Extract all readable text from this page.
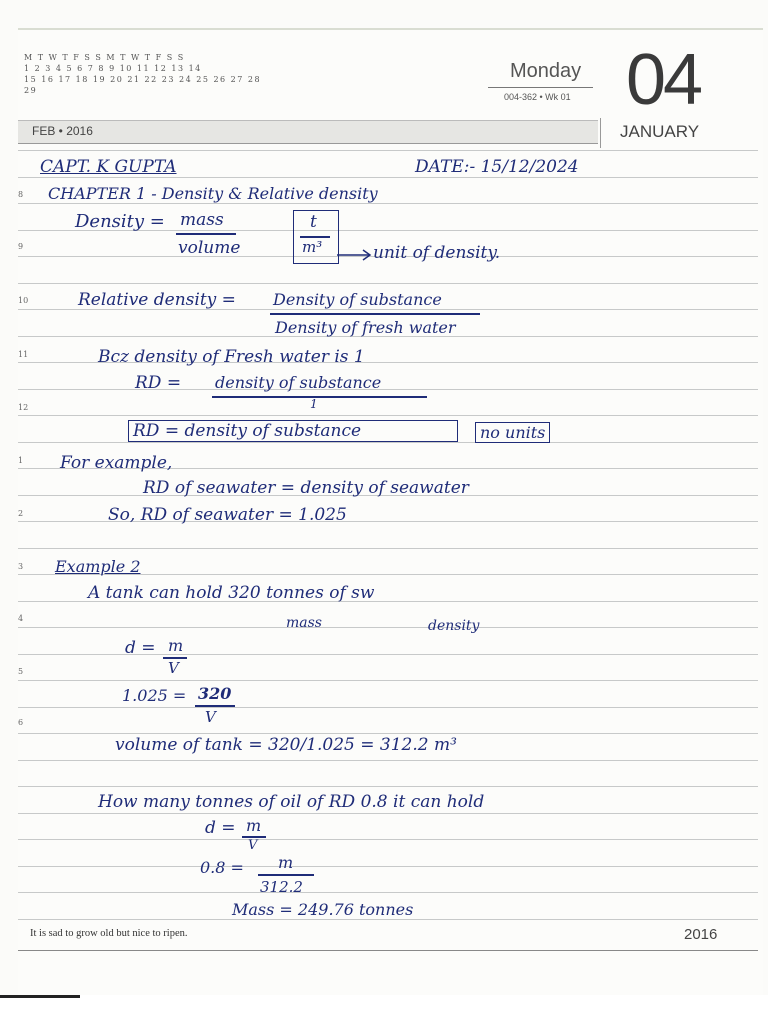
M T W T F S S M T W T F S S
1 2 3 4 5 6 7 8 9 10 11 12 13 14
15 16 17 18 19 20 21 22 23 24 25 26 27 28
29
Monday
004-362 • Wk 01 04
FEB • 2016	JANUARY
8
9
10
11
12
1
2
3
4
5
6
CAPT. K GUPTA	DATE:- 15/12/2024
CHAPTER 1 - Density & Relative density
Density = mass
volume
t
m³	unit of density.
Relative density = Density of substance
Density of fresh water
Bcz density of Fresh water is 1
RD = density of substance
1
RD = density of substance	no units
For example,
RD of seawater = density of seawater
So, RD of seawater = 1.025
Example 2
A tank can hold 320 tonnes of sw
mass	density
d = m
V
1.025 = 320
V
volume of tank = 320/1.025 = 312.2 m³
How many tonnes of oil of RD 0.8 it can hold
d = m
V
0.8 = m
312.2
Mass = 249.76 tonnes
It is sad to grow old but nice to ripen.	2016
